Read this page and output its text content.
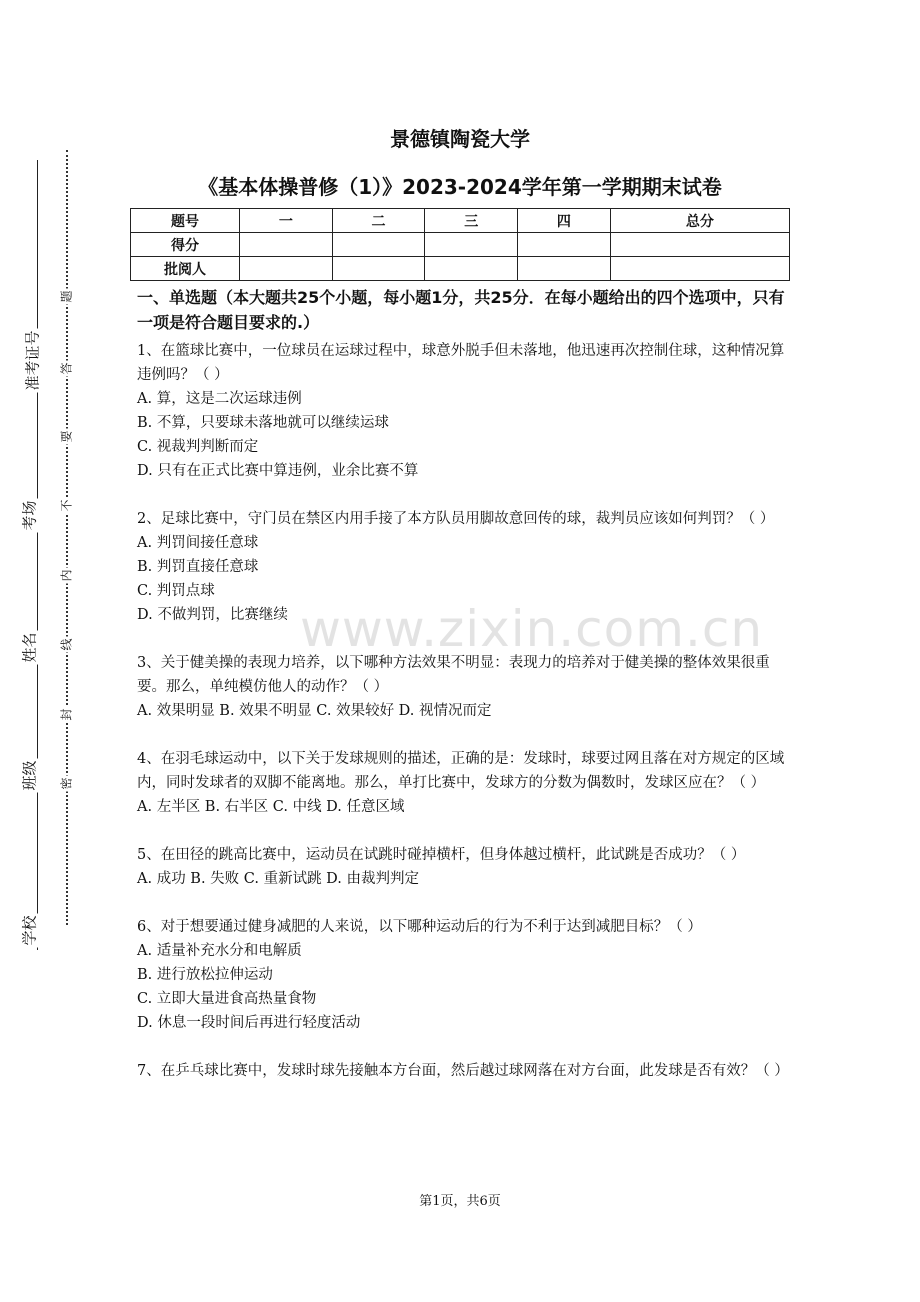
准考证号
考场
姓名
班级
学校
题
答
要
不
内
线
封
密
www.zixin.com.cn
景德镇陶瓷大学
《基本体操普修（1）》2023-2024学年第一学期期末试卷
题号	一	二	三	四	总分
得分					
批阅人					
一、单选题（本大题共25个小题，每小题1分，共25分．在每小题给出的四个选项中，只有一项是符合题目要求的.）

1、在篮球比赛中，一位球员在运球过程中，球意外脱手但未落地，他迅速再次控制住球，这种情况算违例吗？（ ）

A. 算，这是二次运球违例

B. 不算，只要球未落地就可以继续运球

C. 视裁判判断而定

D. 只有在正式比赛中算违例，业余比赛不算

2、足球比赛中，守门员在禁区内用手接了本方队员用脚故意回传的球，裁判员应该如何判罚？（ ）

A. 判罚间接任意球

B. 判罚直接任意球

C. 判罚点球

D. 不做判罚，比赛继续

3、关于健美操的表现力培养，以下哪种方法效果不明显：表现力的培养对于健美操的整体效果很重要。那么，单纯模仿他人的动作？（ ）

A. 效果明显 B. 效果不明显 C. 效果较好 D. 视情况而定

4、在羽毛球运动中，以下关于发球规则的描述，正确的是：发球时，球要过网且落在对方规定的区域内，同时发球者的双脚不能离地。那么，单打比赛中，发球方的分数为偶数时，发球区应在？（ ）

A. 左半区 B. 右半区 C. 中线 D. 任意区域

5、在田径的跳高比赛中，运动员在试跳时碰掉横杆，但身体越过横杆，此试跳是否成功？（ ）

A. 成功 B. 失败 C. 重新试跳 D. 由裁判判定

6、对于想要通过健身减肥的人来说，以下哪种运动后的行为不利于达到减肥目标？（ ）

A. 适量补充水分和电解质

B. 进行放松拉伸运动

C. 立即大量进食高热量食物

D. 休息一段时间后再进行轻度活动

7、在乒乓球比赛中，发球时球先接触本方台面，然后越过球网落在对方台面，此发球是否有效？（ ）

第1页，共6页
